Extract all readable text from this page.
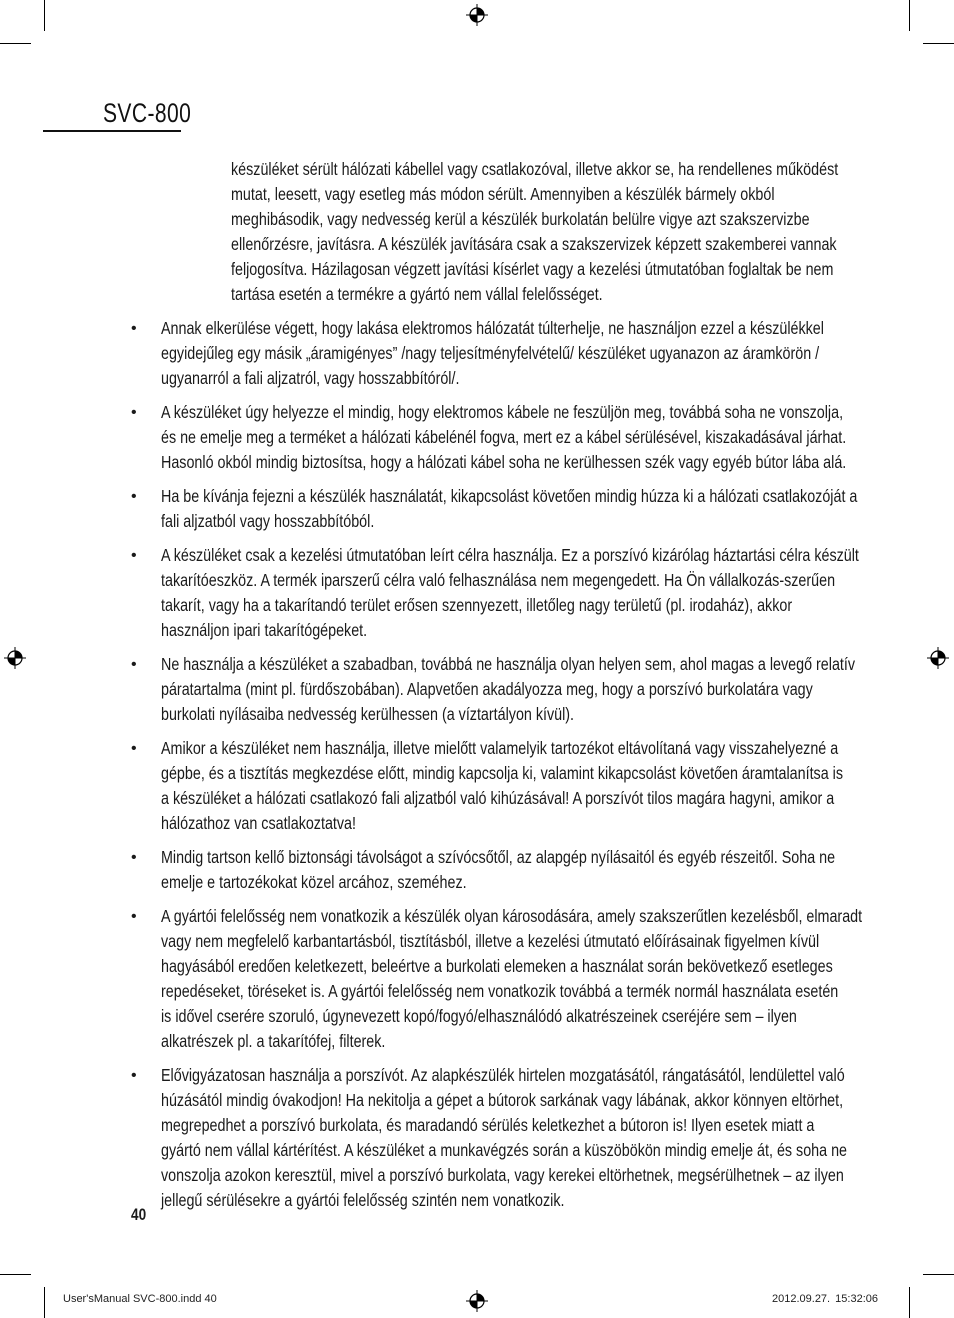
SVC-800
készüléket sérült hálózati kábellel vagy csatlakozóval, illetve akkor se, ha rendellenes működést
mutat, leesett, vagy esetleg más módon sérült. Amennyiben a készülék bármely okból
meghibásodik, vagy nedvesség kerül a készülék burkolatán belülre vigye azt szakszervizbe
ellenőrzésre, javításra. A készülék javítására csak a szakszervizek képzett szakemberei vannak
feljogosítva. Házilagosan végzett javítási kísérlet vagy a kezelési útmutatóban foglaltak be nem
tartása esetén a termékre a gyártó nem vállal felelősséget.
• Annak elkerülése végett, hogy lakása elektromos hálózatát túlterhelje, ne használjon ezzel a készülékkel
egyidejűleg egy másik „áramigényes” /nagy teljesítményfelvételű/ készüléket ugyanazon az áramkörön /
ugyanarról a fali aljzatról, vagy hosszabbítóról/.
• A készüléket úgy helyezze el mindig, hogy elektromos kábele ne feszüljön meg, továbbá soha ne vonszolja,
és ne emelje meg a terméket a hálózati kábelénél fogva, mert ez a kábel sérülésével, kiszakadásával járhat.
Hasonló okból mindig biztosítsa, hogy a hálózati kábel soha ne kerülhessen szék vagy egyéb bútor lába alá.
• Ha be kívánja fejezni a készülék használatát, kikapcsolást követően mindig húzza ki a hálózati csatlakozóját a
fali aljzatból vagy hosszabbítóból.
• A készüléket csak a kezelési útmutatóban leírt célra használja. Ez a porszívó kizárólag háztartási célra készült
takarítóeszköz. A termék iparszerű célra való felhasználása nem megengedett. Ha Ön vállalkozás-szerűen
takarít, vagy ha a takarítandó terület erősen szennyezett, illetőleg nagy területű (pl. irodaház), akkor
használjon ipari takarítógépeket.
• Ne használja a készüléket a szabadban, továbbá ne használja olyan helyen sem, ahol magas a levegő relatív
páratartalma (mint pl. fürdőszobában). Alapvetően akadályozza meg, hogy a porszívó burkolatára vagy
burkolati nyílásaiba nedvesség kerülhessen (a víztartályon kívül).
• Amikor a készüléket nem használja, illetve mielőtt valamelyik tartozékot eltávolítaná vagy visszahelyezné a
gépbe, és a tisztítás megkezdése előtt, mindig kapcsolja ki, valamint kikapcsolást követően áramtalanítsa is
a készüléket a hálózati csatlakozó fali aljzatból való kihúzásával! A porszívót tilos magára hagyni, amikor a
hálózathoz van csatlakoztatva!
• Mindig tartson kellő biztonsági távolságot a szívócsőtől, az alapgép nyílásaitól és egyéb részeitől. Soha ne
emelje e tartozékokat közel arcához, szeméhez.
• A gyártói felelősség nem vonatkozik a készülék olyan károsodására, amely szakszerűtlen kezelésből, elmaradt
vagy nem megfelelő karbantartásból, tisztításból, illetve a kezelési útmutató előírásainak figyelmen kívül
hagyásából eredően keletkezett, beleértve a burkolati elemeken a használat során bekövetkező esetleges
repedéseket, töréseket is. A gyártói felelősség nem vonatkozik továbbá a termék normál használata esetén
is idővel cserére szoruló, úgynevezett kopó/fogyó/elhasználódó alkatrészeinek cseréjére sem – ilyen
alkatrészek pl. a takarítófej, filterek.
• Elővigyázatosan használja a porszívót. Az alapkészülék hirtelen mozgatásától, rángatásától, lendülettel való
húzásától mindig óvakodjon! Ha nekitolja a gépet a bútorok sarkának vagy lábának, akkor könnyen eltörhet,
megrepedhet a porszívó burkolata, és maradandó sérülés keletkezhet a bútoron is! Ilyen esetek miatt a
gyártó nem vállal kártérítést. A készüléket a munkavégzés során a küszöbökön mindig emelje át, és soha ne
vonszolja azokon keresztül, mivel a porszívó burkolata, vagy kerekei eltörhetnek, megsérülhetnek – az ilyen
jellegű sérülésekre a gyártói felelősség szintén nem vonatkozik.
40
User'sManual SVC-800.indd 40	2012.09.27. 15:32:06
